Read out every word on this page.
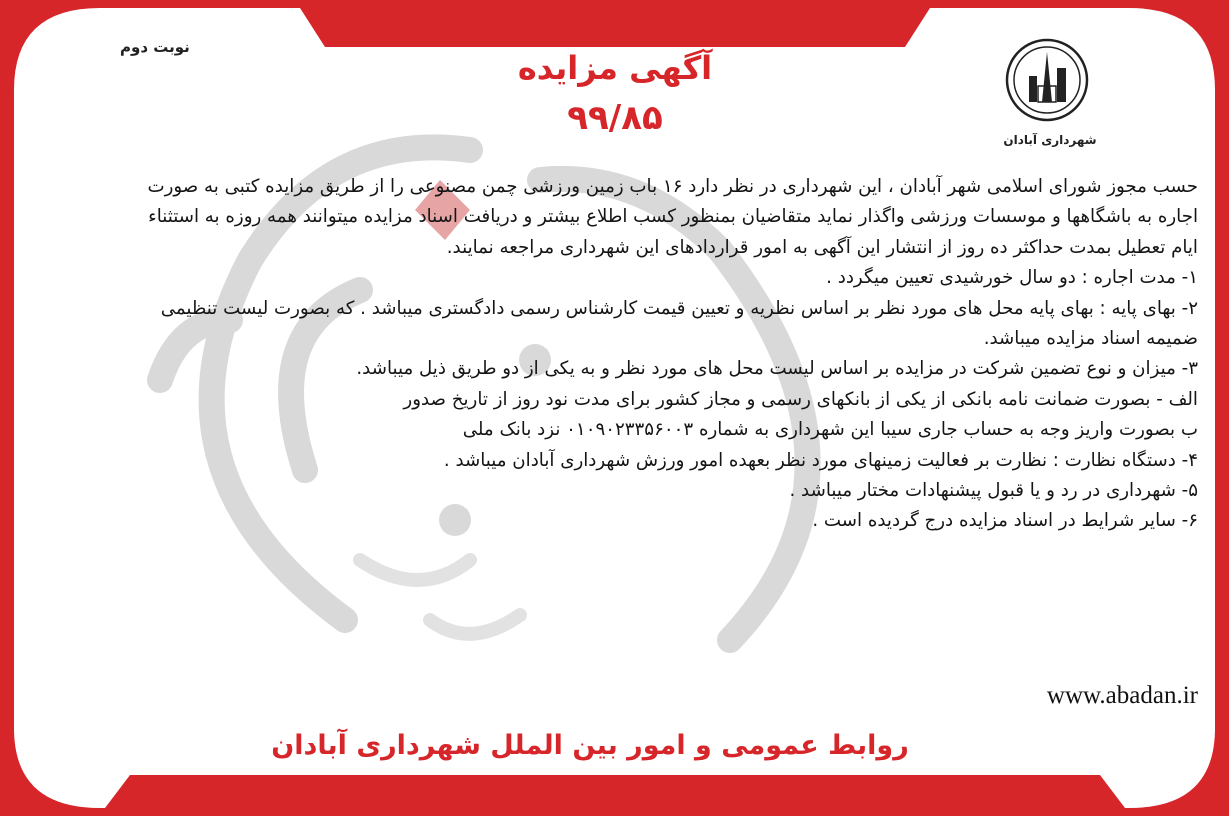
نوبت دوم
شهرداری آبادان
آگهی مزایده
۹۹/۸۵

حسب مجوز شورای اسلامی شهر آبادان ، این شهرداری در نظر دارد ۱۶ باب زمین ورزشی چمن مصنوعی را از طریق مزایده کتبی به صورت

اجاره به باشگاهها و موسسات ورزشی واگذار نماید متقاضیان بمنظور کسب اطلاع بیشتر و دریافت اسناد مزایده میتوانند همه روزه به استثناء

ایام تعطیل بمدت حداکثر ده روز از انتشار این آگهی به امور قراردادهای این شهرداری مراجعه نمایند.

۱- مدت اجاره : دو سال خورشیدی تعیین میگردد .

۲- بهای پایه : بهای پایه محل های مورد نظر بر اساس نظریه و تعیین قیمت کارشناس رسمی دادگستری میباشد . که بصورت لیست تنظیمی

ضمیمه اسناد مزایده میباشد.

۳- میزان و نوع تضمین شرکت در مزایده بر اساس لیست محل های مورد نظر و به یکی از دو طریق ذیل میباشد.

الف - بصورت ضمانت نامه بانکی از یکی از بانکهای رسمی و مجاز کشور برای مدت نود روز از تاریخ صدور

ب بصورت واریز وجه به حساب جاری سیبا این شهرداری به شماره ۰۱۰۹۰۲۳۳۵۶۰۰۳ نزد بانک ملی

۴- دستگاه نظارت : نظارت بر فعالیت زمینهای مورد نظر بعهده امور ورزش شهرداری آبادان میباشد .

۵- شهرداری در رد و یا قبول پیشنهادات مختار میباشد .

۶- سایر شرایط در اسناد مزایده درج گردیده است .

www.abadan.ir
روابط عمومی و امور بین الملل شهرداری آبادان
